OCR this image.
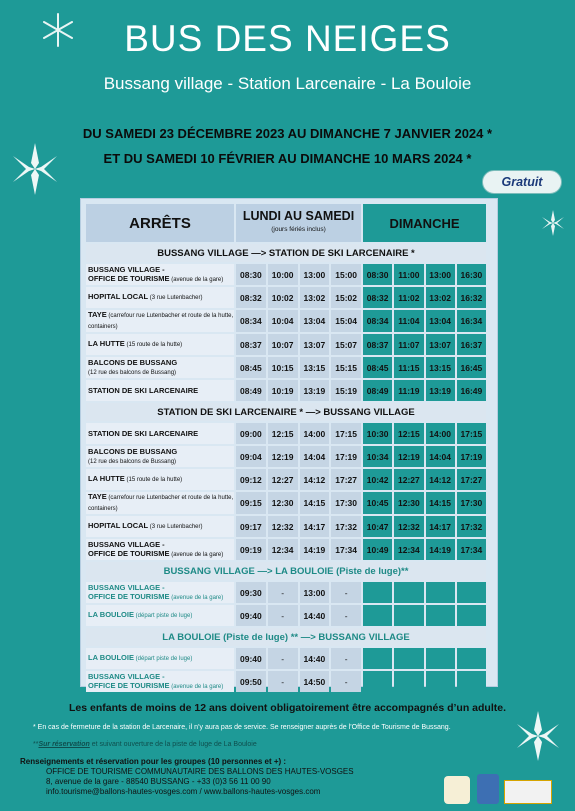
BUS DES NEIGES
Bussang village - Station Larcenaire - La Bouloie
DU SAMEDI 23 DÉCEMBRE 2023 AU DIMANCHE 7 JANVIER 2024 *
ET DU SAMEDI 10 FÉVRIER AU DIMANCHE 10 MARS 2024 *
Gratuit
ARRÊTS	LUNDI AU SAMEDI
(jours fériés inclus)				DIMANCHE			
BUSSANG VILLAGE —> STATION DE SKI LARCENAIRE *								
BUSSANG VILLAGE -
OFFICE DE TOURISME (avenue de la gare)	08:30	10:00	13:00	15:00	08:30	11:00	13:00	16:30
HOPITAL LOCAL (3 rue Lutenbacher)	08:32	10:02	13:02	15:02	08:32	11:02	13:02	16:32
TAYE (carrefour rue Lutenbacher et route de la hutte, containers)	08:34	10:04	13:04	15:04	08:34	11:04	13:04	16:34
LA HUTTE (15 route de la hutte)	08:37	10:07	13:07	15:07	08:37	11:07	13:07	16:37
BALCONS DE BUSSANG
(12 rue des balcons de Bussang)	08:45	10:15	13:15	15:15	08:45	11:15	13:15	16:45
STATION DE SKI LARCENAIRE	08:49	10:19	13:19	15:19	08:49	11:19	13:19	16:49
STATION DE SKI LARCENAIRE * —> BUSSANG VILLAGE								
STATION DE SKI LARCENAIRE	09:00	12:15	14:00	17:15	10:30	12:15	14:00	17:15
BALCONS DE BUSSANG
(12 rue des balcons de Bussang)	09:04	12:19	14:04	17:19	10:34	12:19	14:04	17:19
LA HUTTE (15 route de la hutte)	09:12	12:27	14:12	17:27	10:42	12:27	14:12	17:27
TAYE (carrefour rue Lutenbacher et route de la hutte, containers)	09:15	12:30	14:15	17:30	10:45	12:30	14:15	17:30
HOPITAL LOCAL (3 rue Lutenbacher)	09:17	12:32	14:17	17:32	10:47	12:32	14:17	17:32
BUSSANG VILLAGE -
OFFICE DE TOURISME (avenue de la gare)	09:19	12:34	14:19	17:34	10:49	12:34	14:19	17:34
BUSSANG VILLAGE —> LA BOULOIE (Piste de luge)**								
BUSSANG VILLAGE -
OFFICE DE TOURISME (avenue de la gare)	09:30	-	13:00	-				
LA BOULOIE (départ piste de luge)	09:40	-	14:40	-				
LA BOULOIE (Piste de luge) ** —> BUSSANG VILLAGE								
LA BOULOIE (départ piste de luge)	09:40	-	14:40	-				
BUSSANG VILLAGE -
OFFICE DE TOURISME (avenue de la gare)	09:50	-	14:50	-				
Les enfants de moins de 12 ans doivent obligatoirement être accompagnés d’un adulte.
* En cas de fermeture de la station de Larcenaire, il n’y aura pas de service. Se renseigner auprès de l’Office de Tourisme de Bussang.
**Sur réservation et suivant ouverture de la piste de luge de La Bouloie
Renseignements et réservation pour les groupes (10 personnes et +) :

OFFICE DE TOURISME COMMUNAUTAIRE DES BALLONS DES HAUTES-VOSGES
8, avenue de la gare - 88540 BUSSANG - +33 (0)3 56 11 00 90
info.tourisme@ballons-hautes-vosges.com / www.ballons-hautes-vosges.com
